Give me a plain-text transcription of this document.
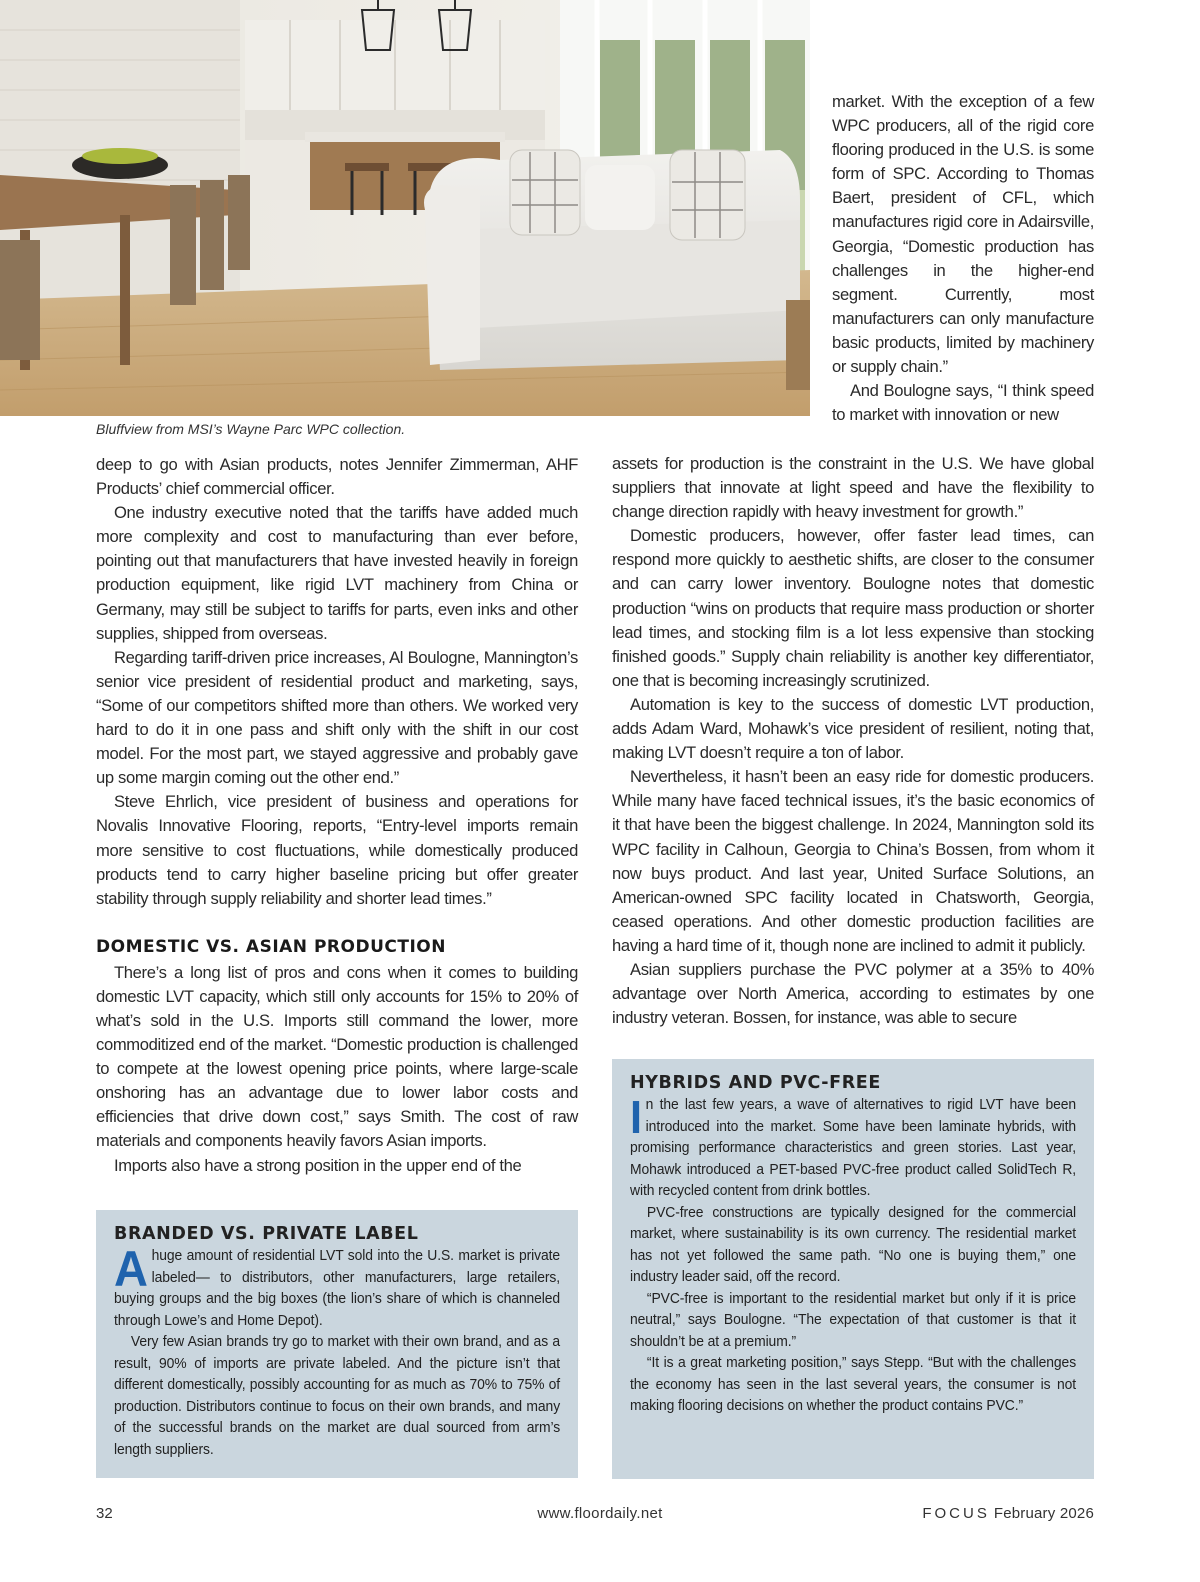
Bluffview from MSI’s Wayne Parc WPC collection.

market. With the exception of a few WPC producers, all of the rigid core flooring produced in the U.S. is some form of SPC. According to Thomas Baert, president of CFL, which manufactures rigid core in Adairsville, Georgia, “Domestic production has challenges in the higher-end segment. Currently, most manufacturers can only manufacture basic products, limited by machinery or supply chain.”

And Boulogne says, “I think speed to market with innovation or new

deep to go with Asian products, notes Jennifer Zimmerman, AHF Products’ chief commercial officer.

One industry executive noted that the tariffs have added much more complexity and cost to manufacturing than ever before, pointing out that manufacturers that have invested heavily in foreign production equipment, like rigid LVT machinery from China or Germany, may still be subject to tariffs for parts, even inks and other supplies, shipped from overseas.

Regarding tariff-driven price increases, Al Boulogne, Mannington’s senior vice president of residential product and marketing, says, “Some of our competitors shifted more than others. We worked very hard to do it in one pass and shift only with the shift in our cost model. For the most part, we stayed aggressive and probably gave up some margin coming out the other end.”

Steve Ehrlich, vice president of business and operations for Novalis Innovative Flooring, reports, “Entry-level imports remain more sensitive to cost fluctuations, while domestically produced products tend to carry higher baseline pricing but offer greater stability through supply reliability and shorter lead times.”

DOMESTIC VS. ASIAN PRODUCTION

There’s a long list of pros and cons when it comes to building domestic LVT capacity, which still only accounts for 15% to 20% of what’s sold in the U.S. Imports still command the lower, more commoditized end of the market. “Domestic production is challenged to compete at the lowest opening price points, where large-scale onshoring has an advantage due to lower labor costs and efficiencies that drive down cost,” says Smith. The cost of raw materials and components heavily favors Asian imports.

Imports also have a strong position in the upper end of the

assets for production is the constraint in the U.S. We have global suppliers that innovate at light speed and have the flexibility to change direction rapidly with heavy investment for growth.”

Domestic producers, however, offer faster lead times, can respond more quickly to aesthetic shifts, are closer to the consumer and can carry lower inventory. Boulogne notes that domestic production “wins on products that require mass production or shorter lead times, and stocking film is a lot less expensive than stocking finished goods.” Supply chain reliability is another key differentiator, one that is becoming increasingly scrutinized.

Automation is key to the success of domestic LVT production, adds Adam Ward, Mohawk’s vice president of resilient, noting that, making LVT doesn’t require a ton of labor.

Nevertheless, it hasn’t been an easy ride for domestic producers. While many have faced technical issues, it’s the basic economics of it that have been the biggest challenge. In 2024, Mannington sold its WPC facility in Calhoun, Georgia to China’s Bossen, from whom it now buys product. And last year, United Surface Solutions, an American-owned SPC facility located in Chatsworth, Georgia, ceased operations. And other domestic production facilities are having a hard time of it, though none are inclined to admit it publicly.

Asian suppliers purchase the PVC polymer at a 35% to 40% advantage over North America, according to estimates by one industry veteran. Bossen, for instance, was able to secure

HYBRIDS AND PVC-FREE

In the last few years, a wave of alternatives to rigid LVT have been introduced into the market. Some have been laminate hybrids, with promising performance characteristics and green stories. Last year, Mohawk introduced a PET-based PVC-free product called SolidTech R, with recycled content from drink bottles.

PVC-free constructions are typically designed for the commercial market, where sustainability is its own currency. The residential market has not yet followed the same path. “No one is buying them,” one industry leader said, off the record.

“PVC-free is important to the residential market but only if it is price neutral,” says Boulogne. “The expectation of that customer is that it shouldn’t be at a premium.”

“It is a great marketing position,” says Stepp. “But with the challenges the economy has seen in the last several years, the consumer is not making flooring decisions on whether the product contains PVC.”

BRANDED VS. PRIVATE LABEL

A huge amount of residential LVT sold into the U.S. market is private labeled— to distributors, other manufacturers, large retailers, buying groups and the big boxes (the lion’s share of which is channeled through Lowe’s and Home Depot).

Very few Asian brands try go to market with their own brand, and as a result, 90% of imports are private labeled. And the picture isn’t that different domestically, possibly accounting for as much as 70% to 75% of production. Distributors continue to focus on their own brands, and many of the successful brands on the market are dual sourced from arm’s length suppliers.

32	www.floordaily.net	FOCUS February 2026
